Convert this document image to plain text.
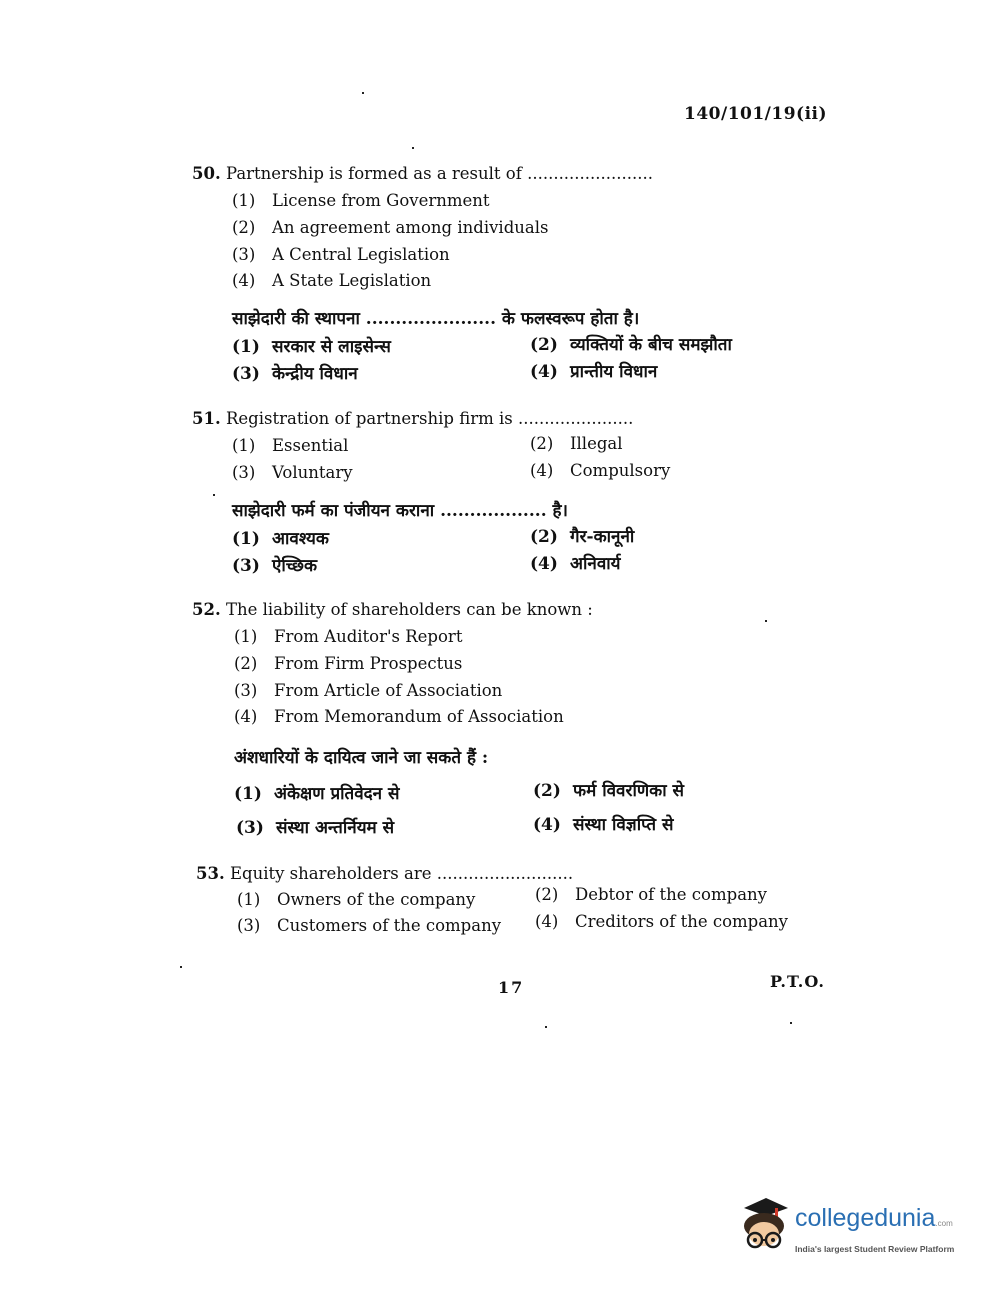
140/101/19(ii)
50. Partnership is formed as a result of ........................
(1) License from Government
(2) An agreement among individuals
(3) A Central Legislation
(4) A State Legislation
साझेदारी की स्थापना ...................... के फलस्वरूप होता है।
(1) सरकार से लाइसेन्स	(2) व्यक्तियों के बीच समझौता
(3) केन्द्रीय विधान	(4) प्रान्तीय विधान
51. Registration of partnership firm is ......................
(1) Essential	(2) Illegal
(3) Voluntary	(4) Compulsory
साझेदारी फर्म का पंजीयन कराना .................. है।
(1) आवश्यक	(2) गैर-कानूनी
(3) ऐच्छिक	(4) अनिवार्य
52. The liability of shareholders can be known :
(1) From Auditor's Report
(2) From Firm Prospectus
(3) From Article of Association
(4) From Memorandum of Association
अंशधारियों के दायित्व जाने जा सकते हैं :
(1) अंकेक्षण प्रतिवेदन से	(2) फर्म विवरणिका से
(3) संस्था अन्तर्नियम से	(4) संस्था विज्ञप्ति से
53. Equity shareholders are ..........................
(1) Owners of the company	(2) Debtor of the company
(3) Customers of the company (4) Creditors of the company
17	P.T.O.
collegedunia.com
India's largest Student Review Platform
